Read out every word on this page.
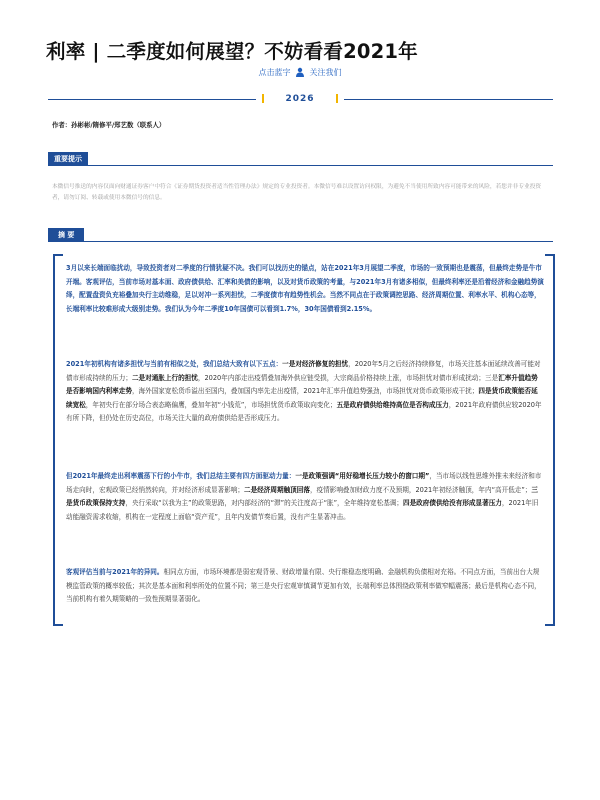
利率 | 二季度如何展望？不妨看看2021年
点击蓝字 关注我们
2026
作者：孙彬彬/隋修平/郑艺数（联系人）
重要提示
本微信号推送的内容仅面向财通证券客户中符合《证券期货投资者适当性管理办法》规定的专业投资者。本微信号难以设置访问权限，为避免不当使用所致内容可能带来的风险，若您并非专业投资者，请勿订阅、转载或使用本微信号的信息。
摘 要
3月以来长端面临扰动，导致投资者对二季度的行情犹疑不决。我们可以找历史的锚点，站在2021年3月展望二季度，市场的一致预期也是震荡，但最终走势是牛市开端。客观评估，当前市场对基本面、政府债供给、汇率和美债的影响，以及对货币政策的考量，与2021年3月有诸多相似，但最终利率还是沿着经济和金融趋势演绎，配置盘资负充裕叠加央行主动维稳，足以对冲一系列担忧，二季度债市有趋势性机会。当然不同点在于政策调控思路、经济周期位置、利率水平、机构心态等，长端利率比较难形成大级别走势。我们认为今年二季度10年国债可以看到1.7%，30年国债看到2.15%。
2021年初机构有诸多担忧与当前有相似之处，我们总结大致有以下五点：一是对经济修复的担忧，2020年5月之后经济持续修复，市场关注基本面延续改善可能对债市形成持续的压力；二是对通胀上行的担忧，2020年内部走出疫情叠加海外供应链受损，大宗商品价格持续上涨，市场担忧对债市形成扰动；三是汇率升值趋势是否影响国内利率走势，海外国家宽松货币溢出至国内，叠加国内率先走出疫情，2021年汇率升值趋势强劲，市场担忧对货币政策形成干扰；四是货币政策能否延续宽松，年初央行在部分场合表态略偏鹰，叠加年初“小钱荒”，市场担忧货币政策取向变化；五是政府债供给维持高位是否构成压力，2021年政府债供应较2020年有所下降，但仍处在历史高位，市场关注大量的政府债供给是否形成压力。
但2021年最终走出利率震荡下行的小牛市，我们总结主要有四方面驱动力量：一是政策强调“用好稳增长压力较小的窗口期”，当市场以线性思维外推未来经济和市场走向时，宏观政策已经悄然转向，并对经济形成显著影响；二是经济周期触顶回落，疫情影响叠加财政力度不及预期，2021年初经济触顶，年内“高开低走”；三是货币政策保持支持，央行采取“以我为主”的政策思路，对内部经济的“滞”的关注度高于“胀”，全年维持宽松基调；四是政府债供给没有形成显著压力，2021年旧动能融资需求收缩，机构在一定程度上面临“资产荒”，且年内发债节奏后置，没有产生显著冲击。
客观评估当前与2021年的异同。相同点方面，市场环境都是弱宏观背景、财政增量有限、央行维稳态度明确、金融机构负债相对充裕。不同点方面，当前出台大规模监管政策的概率较低；其次是基本面和利率所处的位置不同；第三是央行宏观审慎调节更加有效，长端利率总体围绕政策利率做窄幅震荡；最后是机构心态不同，当前机构有着久期策略的一致性预期显著弱化。
